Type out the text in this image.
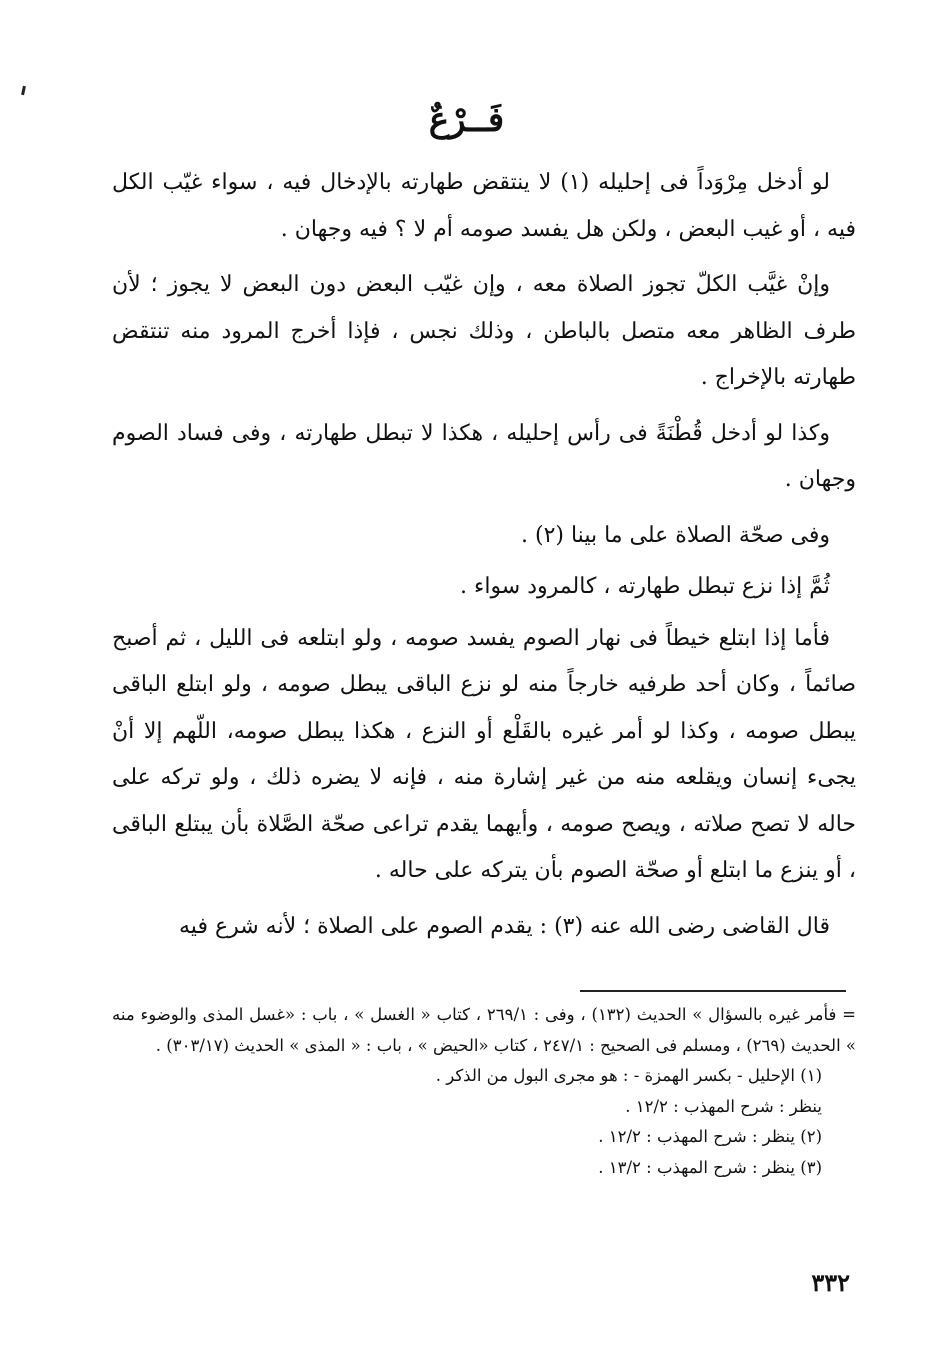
فَــرْعٌ

لو أدخل مِرْوَداً فى إحليله (١) لا ينتقض طهارته بالإدخال فيه ، سواء غيّب الكل فيه ، أو غيب البعض ، ولكن هل يفسد صومه أم لا ؟ فيه وجهان .

وإنْ غيَّب الكلّ تجوز الصلاة معه ، وإن غيّب البعض دون البعض لا يجوز ؛ لأن طرف الظاهر معه متصل بالباطن ، وذلك نجس ، فإذا أخرج المرود منه تنتقض طهارته بالإخراج .

وكذا لو أدخل قُطْنَةً فى رأس إحليله ، هكذا لا تبطل طهارته ، وفى فساد الصوم وجهان .

وفى صحّة الصلاة على ما بينا (٢) .

ثُمَّ إذا نزع تبطل طهارته ، كالمرود سواء .

فأما إذا ابتلع خيطاً فى نهار الصوم يفسد صومه ، ولو ابتلعه فى الليل ، ثم أصبح صائماً ، وكان أحد طرفيه خارجاً منه لو نزع الباقى يبطل صومه ، ولو ابتلع الباقى يبطل صومه ، وكذا لو أمر غيره بالقَلْع أو النزع ، هكذا يبطل صومه، اللّهم إلا أنْ يجىء إنسان ويقلعه منه من غير إشارة منه ، فإنه لا يضره ذلك ، ولو تركه على حاله لا تصح صلاته ، ويصح صومه ، وأيهما يقدم تراعى صحّة الصَّلاة بأن يبتلع الباقى ، أو ينزع ما ابتلع أو صحّة الصوم بأن يتركه على حاله .

قال القاضى رضى الله عنه (٣) : يقدم الصوم على الصلاة ؛ لأنه شرع فيه

= فأمر غيره بالسؤال » الحديث (١٣٢) ، وفى : ٢٦٩/١ ، كتاب « الغسل » ، باب : «غسل المذى والوضوء منه » الحديث (٢٦٩) ، ومسلم فى الصحيح : ٢٤٧/١ ، كتاب «الحيض » ، باب : « المذى » الحديث (٣٠٣/١٧) .

(١) الإحليل - بكسر الهمزة - : هو مجرى البول من الذكر .

ينظر : شرح المهذب : ١٢/٢ .

(٢) ينظر : شرح المهذب : ١٢/٢ .

(٣) ينظر : شرح المهذب : ١٣/٢ .

٣٣٢
